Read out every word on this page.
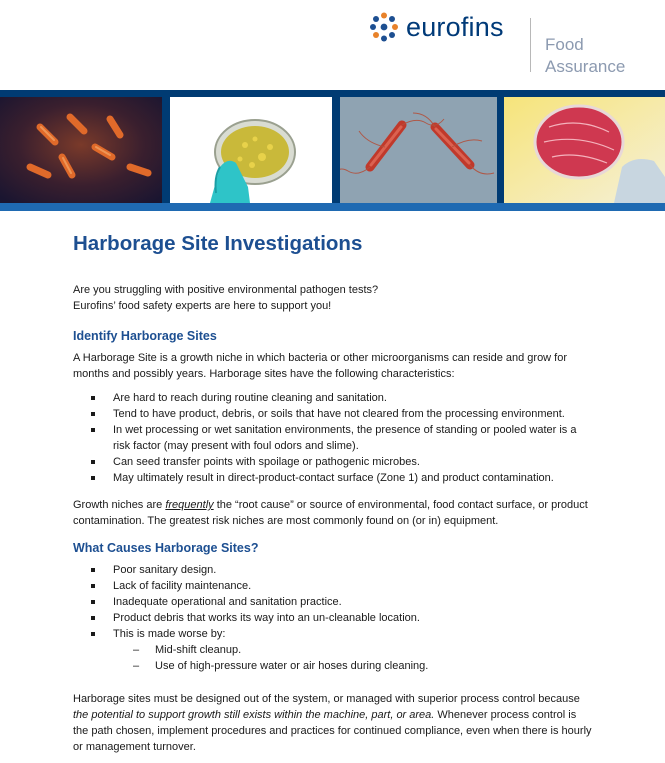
eurofins
Food
Assurance
Harborage Site Investigations

Are you struggling with positive environmental pathogen tests?

Eurofins’ food safety experts are here to support you!

Identify Harborage Sites

A Harborage Site is a growth niche in which bacteria or other microorganisms can reside and grow for months and possibly years. Harborage sites have the following characteristics:

Are hard to reach during routine cleaning and sanitation.
Tend to have product, debris, or soils that have not cleared from the processing environment.
In wet processing or wet sanitation environments, the presence of standing or pooled water is a risk factor (may present with foul odors and slime).
Can seed transfer points with spoilage or pathogenic microbes.
May ultimately result in direct-product-contact surface (Zone 1) and product contamination.

Growth niches are frequently the “root cause” or source of environmental, food contact surface, or product contamination. The greatest risk niches are most commonly found on (or in) equipment.

What Causes Harborage Sites?
Poor sanitary design.
Lack of facility maintenance.
Inadequate operational and sanitation practice.
Product debris that works its way into an un-cleanable location.
This is made worse by:
– Mid-shift cleanup.
– Use of high-pressure water or air hoses during cleaning.

Harborage sites must be designed out of the system, or managed with superior process control because the potential to support growth still exists within the machine, part, or area. Whenever process control is the path chosen, implement procedures and practices for continued compliance, even when there is hourly or management turnover.
